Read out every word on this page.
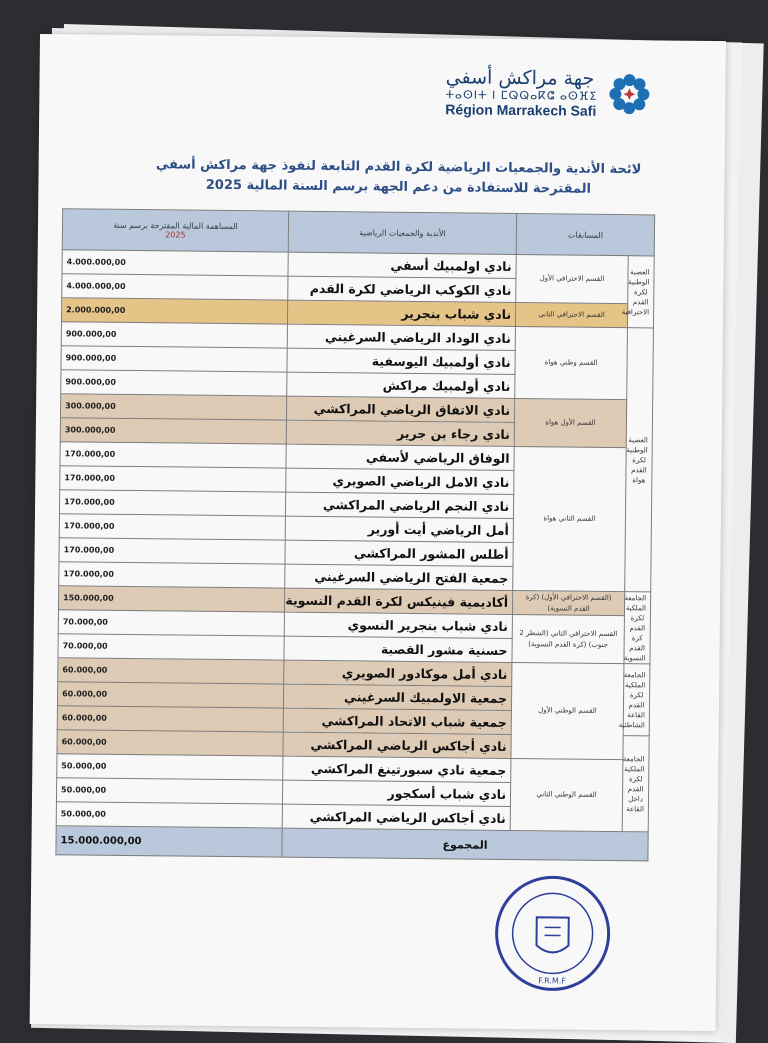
جهة مراكش أسفي
ⵜⴰⵙⵏⵜ ⵏ ⵎⵕⵕⴰⴽⵛ ⴰⵙⴼⵉ
Région Marrakech Safi
لائحة الأندية والجمعيات الرياضية لكرة القدم التابعة لنفوذ جهة مراكش أسفي
المقترحة للاستفادة من دعم الجهة برسم السنة المالية 2025
المسابقات		الأندية والجمعيات الرياضية	المساهمة المالية المقترحة برسم سنة
2025
العصبة الوطنية لكرة القدم الاحترافية	القسم الاحترافي الأول	نادي اولمبيك أسفي	4.000.000,00
		نادي الكوكب الرياضي لكرة القدم	4.000.000,00
	القسم الاحترافي الثاني	نادي شباب بنجرير	2.000.000,00
العصبة الوطنية لكرة القدم هواة	القسم وطني هواة	نادي الوداد الرياضي السرغيني	900.000,00
		نادي أولمبيك اليوسفية	900.000,00
		نادي أولمبيك مراكش	900.000,00
	القسم الأول هواة	نادي الاتفاق الرياضي المراكشي	300.000,00
		نادي رجاء بن جرير	300.000,00
	القسم الثاني هواة	الوفاق الرياضي لأسفي	170.000,00
		نادي الامل الرياضي الصويري	170.000,00
		نادي النجم الرياضي المراكشي	170.000,00
		أمل الرياضي أيت أورير	170.000,00
		أطلس المشور المراكشي	170.000,00
		جمعية الفتح الرياضي السرغيني	170.000,00
الجامعة الملكية لكرة القدم كرة القدم النسوية	(القسم الاحترافي الأول) (كرة القدم النسوية)	أكاديمية فينيكس لكرة القدم النسوية	150.000,00
	القسم الاحترافي الثاني (الشطر 2 جنوب) (كرة القدم النسوية)	نادي شباب بنجرير النسوي	70.000,00
		حسنية مشور القصبة	70.000,00
الجامعة الملكية لكرة القدم القاعة الشاطئية	القسم الوطني الأول	نادي أمل موكادور الصويري	60.000,00
		جمعية الاولمبيك السرغيني	60.000,00
		جمعية شباب الاتحاد المراكشي	60.000,00
الجامعة الملكية لكرة القدم داخل القاعة		نادي أجاكس الرياضي المراكشي	60.000,00
	القسم الوطني الثاني	جمعية نادي سبورتينغ المراكشي	50.000,00
		نادي شباب أسكجور	50.000,00
		نادي أجاكس الرياضي المراكشي	50.000,00
المجموع			15.000.000,00
F.R.M.F
